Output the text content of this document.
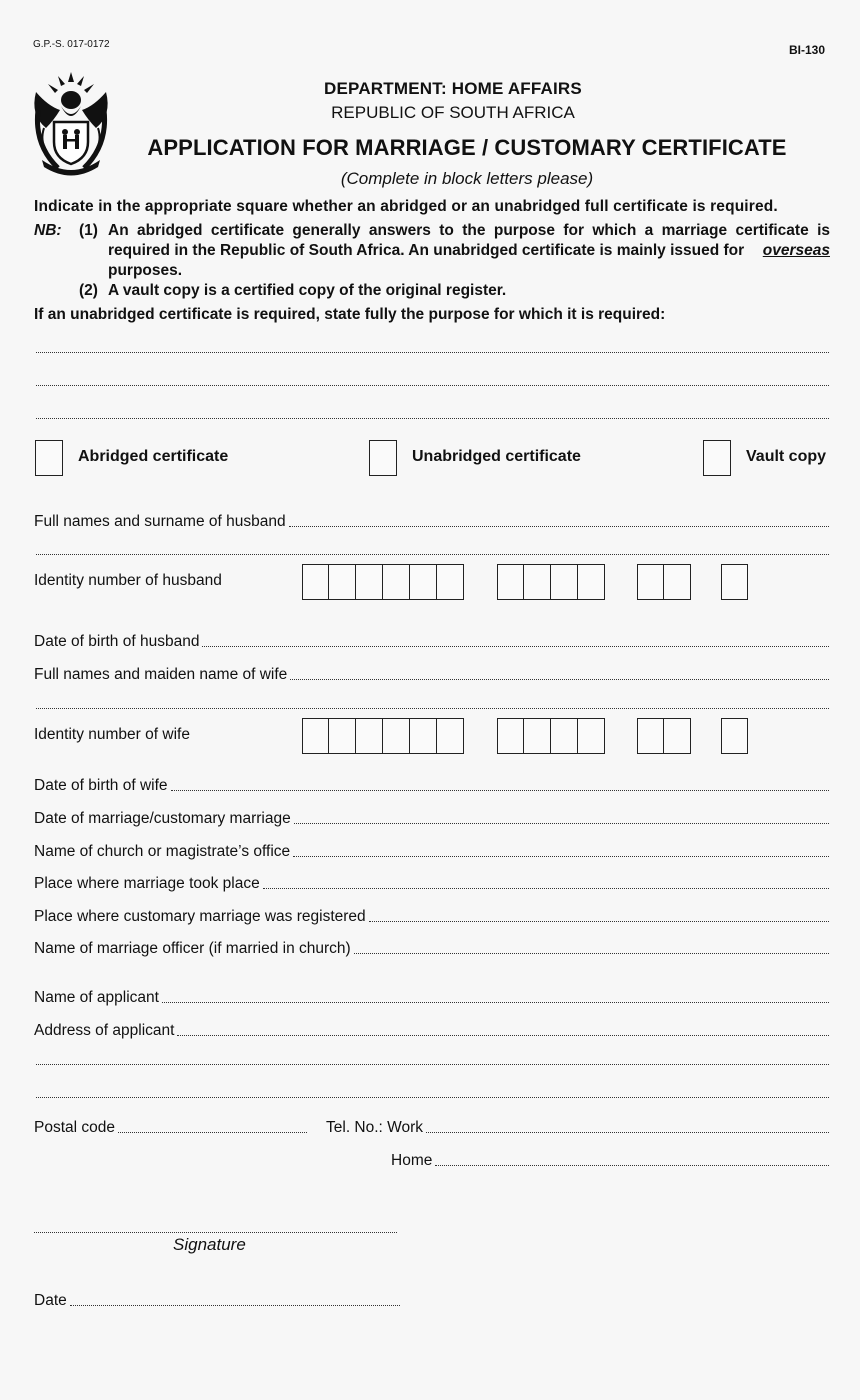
G.P.-S. 017-0172	BI-130
DEPARTMENT: HOME AFFAIRS
REPUBLIC OF SOUTH AFRICA
APPLICATION FOR MARRIAGE / CUSTOMARY CERTIFICATE
(Complete in block letters please)
Indicate in the appropriate square whether an abridged or an unabridged full certificate is required.
NB: (1) An abridged certificate generally answers to the purpose for which a marriage certificate is
required in the Republic of South Africa. An unabridged certificate is mainly issued for overseas
purposes.
(2) A vault copy is a certified copy of the original register.
If an unabridged certificate is required, state fully the purpose for which it is required:
Abridged certificate	Unabridged certificate	Vault copy
Full names and surname of husband
Identity number of husband
Date of birth of husband
Full names and maiden name of wife
Identity number of wife
Date of birth of wife
Date of marriage/customary marriage
Name of church or magistrate’s office
Place where marriage took place
Place where customary marriage was registered
Name of marriage officer (if married in church)
Name of applicant
Address of applicant
Postal code	Tel. No.: Work
Home
Signature
Date
